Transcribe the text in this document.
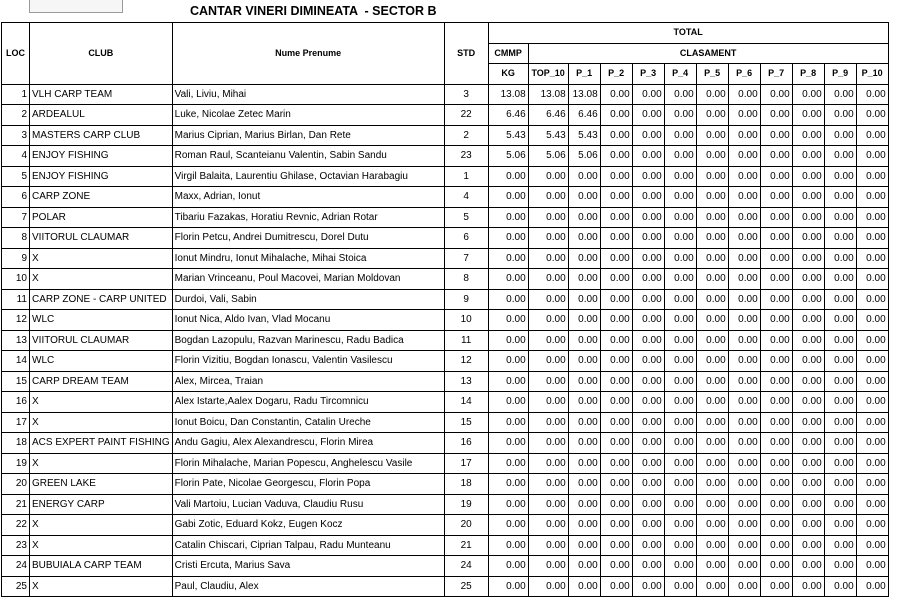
CANTAR VINERI DIMINEATA  - SECTOR B
LOC	CLUB	Nume Prenume	STD	TOTAL											
				CMMP	CLASAMENT										
				KG	TOP_10	P_1	P_2	P_3	P_4	P_5	P_6	P_7	P_8	P_9	P_10
1	VLH CARP TEAM	Vali, Liviu, Mihai	3	13.08	13.08	13.08	0.00	0.00	0.00	0.00	0.00	0.00	0.00	0.00	0.00
2	ARDEALUL	Luke, Nicolae Zetec Marin	22	6.46	6.46	6.46	0.00	0.00	0.00	0.00	0.00	0.00	0.00	0.00	0.00
3	MASTERS CARP CLUB	Marius Ciprian, Marius Birlan, Dan Rete	2	5.43	5.43	5.43	0.00	0.00	0.00	0.00	0.00	0.00	0.00	0.00	0.00
4	ENJOY FISHING	Roman Raul, Scanteianu Valentin, Sabin Sandu	23	5.06	5.06	5.06	0.00	0.00	0.00	0.00	0.00	0.00	0.00	0.00	0.00
5	ENJOY FISHING	Virgil Balaita, Laurentiu Ghilase, Octavian Harabagiu	1	0.00	0.00	0.00	0.00	0.00	0.00	0.00	0.00	0.00	0.00	0.00	0.00
6	CARP ZONE	Maxx, Adrian, Ionut	4	0.00	0.00	0.00	0.00	0.00	0.00	0.00	0.00	0.00	0.00	0.00	0.00
7	POLAR	Tibariu Fazakas, Horatiu Revnic, Adrian Rotar	5	0.00	0.00	0.00	0.00	0.00	0.00	0.00	0.00	0.00	0.00	0.00	0.00
8	VIITORUL CLAUMAR	Florin Petcu, Andrei Dumitrescu, Dorel Dutu	6	0.00	0.00	0.00	0.00	0.00	0.00	0.00	0.00	0.00	0.00	0.00	0.00
9	X	Ionut Mindru, Ionut Mihalache, Mihai Stoica	7	0.00	0.00	0.00	0.00	0.00	0.00	0.00	0.00	0.00	0.00	0.00	0.00
10	X	Marian Vrinceanu, Poul Macovei, Marian Moldovan	8	0.00	0.00	0.00	0.00	0.00	0.00	0.00	0.00	0.00	0.00	0.00	0.00
11	CARP ZONE - CARP UNITED	Durdoi, Vali, Sabin	9	0.00	0.00	0.00	0.00	0.00	0.00	0.00	0.00	0.00	0.00	0.00	0.00
12	WLC	Ionut Nica, Aldo Ivan, Vlad Mocanu	10	0.00	0.00	0.00	0.00	0.00	0.00	0.00	0.00	0.00	0.00	0.00	0.00
13	VIITORUL CLAUMAR	Bogdan Lazopulu, Razvan Marinescu, Radu Badica	11	0.00	0.00	0.00	0.00	0.00	0.00	0.00	0.00	0.00	0.00	0.00	0.00
14	WLC	Florin Vizitiu, Bogdan Ionascu, Valentin Vasilescu	12	0.00	0.00	0.00	0.00	0.00	0.00	0.00	0.00	0.00	0.00	0.00	0.00
15	CARP DREAM TEAM	Alex, Mircea, Traian	13	0.00	0.00	0.00	0.00	0.00	0.00	0.00	0.00	0.00	0.00	0.00	0.00
16	X	Alex Istarte,Aalex Dogaru, Radu Tircomnicu	14	0.00	0.00	0.00	0.00	0.00	0.00	0.00	0.00	0.00	0.00	0.00	0.00
17	X	Ionut Boicu, Dan Constantin, Catalin Ureche	15	0.00	0.00	0.00	0.00	0.00	0.00	0.00	0.00	0.00	0.00	0.00	0.00
18	ACS EXPERT PAINT FISHING	Andu Gagiu, Alex Alexandrescu, Florin Mirea	16	0.00	0.00	0.00	0.00	0.00	0.00	0.00	0.00	0.00	0.00	0.00	0.00
19	X	Florin Mihalache, Marian Popescu, Anghelescu Vasile	17	0.00	0.00	0.00	0.00	0.00	0.00	0.00	0.00	0.00	0.00	0.00	0.00
20	GREEN LAKE	Florin Pate, Nicolae Georgescu, Florin Popa	18	0.00	0.00	0.00	0.00	0.00	0.00	0.00	0.00	0.00	0.00	0.00	0.00
21	ENERGY CARP	Vali Martoiu, Lucian Vaduva, Claudiu Rusu	19	0.00	0.00	0.00	0.00	0.00	0.00	0.00	0.00	0.00	0.00	0.00	0.00
22	X	Gabi Zotic, Eduard Kokz, Eugen Kocz	20	0.00	0.00	0.00	0.00	0.00	0.00	0.00	0.00	0.00	0.00	0.00	0.00
23	X	Catalin Chiscari, Ciprian Talpau, Radu Munteanu	21	0.00	0.00	0.00	0.00	0.00	0.00	0.00	0.00	0.00	0.00	0.00	0.00
24	BUBUIALA CARP TEAM	Cristi Ercuta, Marius Sava	24	0.00	0.00	0.00	0.00	0.00	0.00	0.00	0.00	0.00	0.00	0.00	0.00
25	X	Paul, Claudiu, Alex	25	0.00	0.00	0.00	0.00	0.00	0.00	0.00	0.00	0.00	0.00	0.00	0.00
